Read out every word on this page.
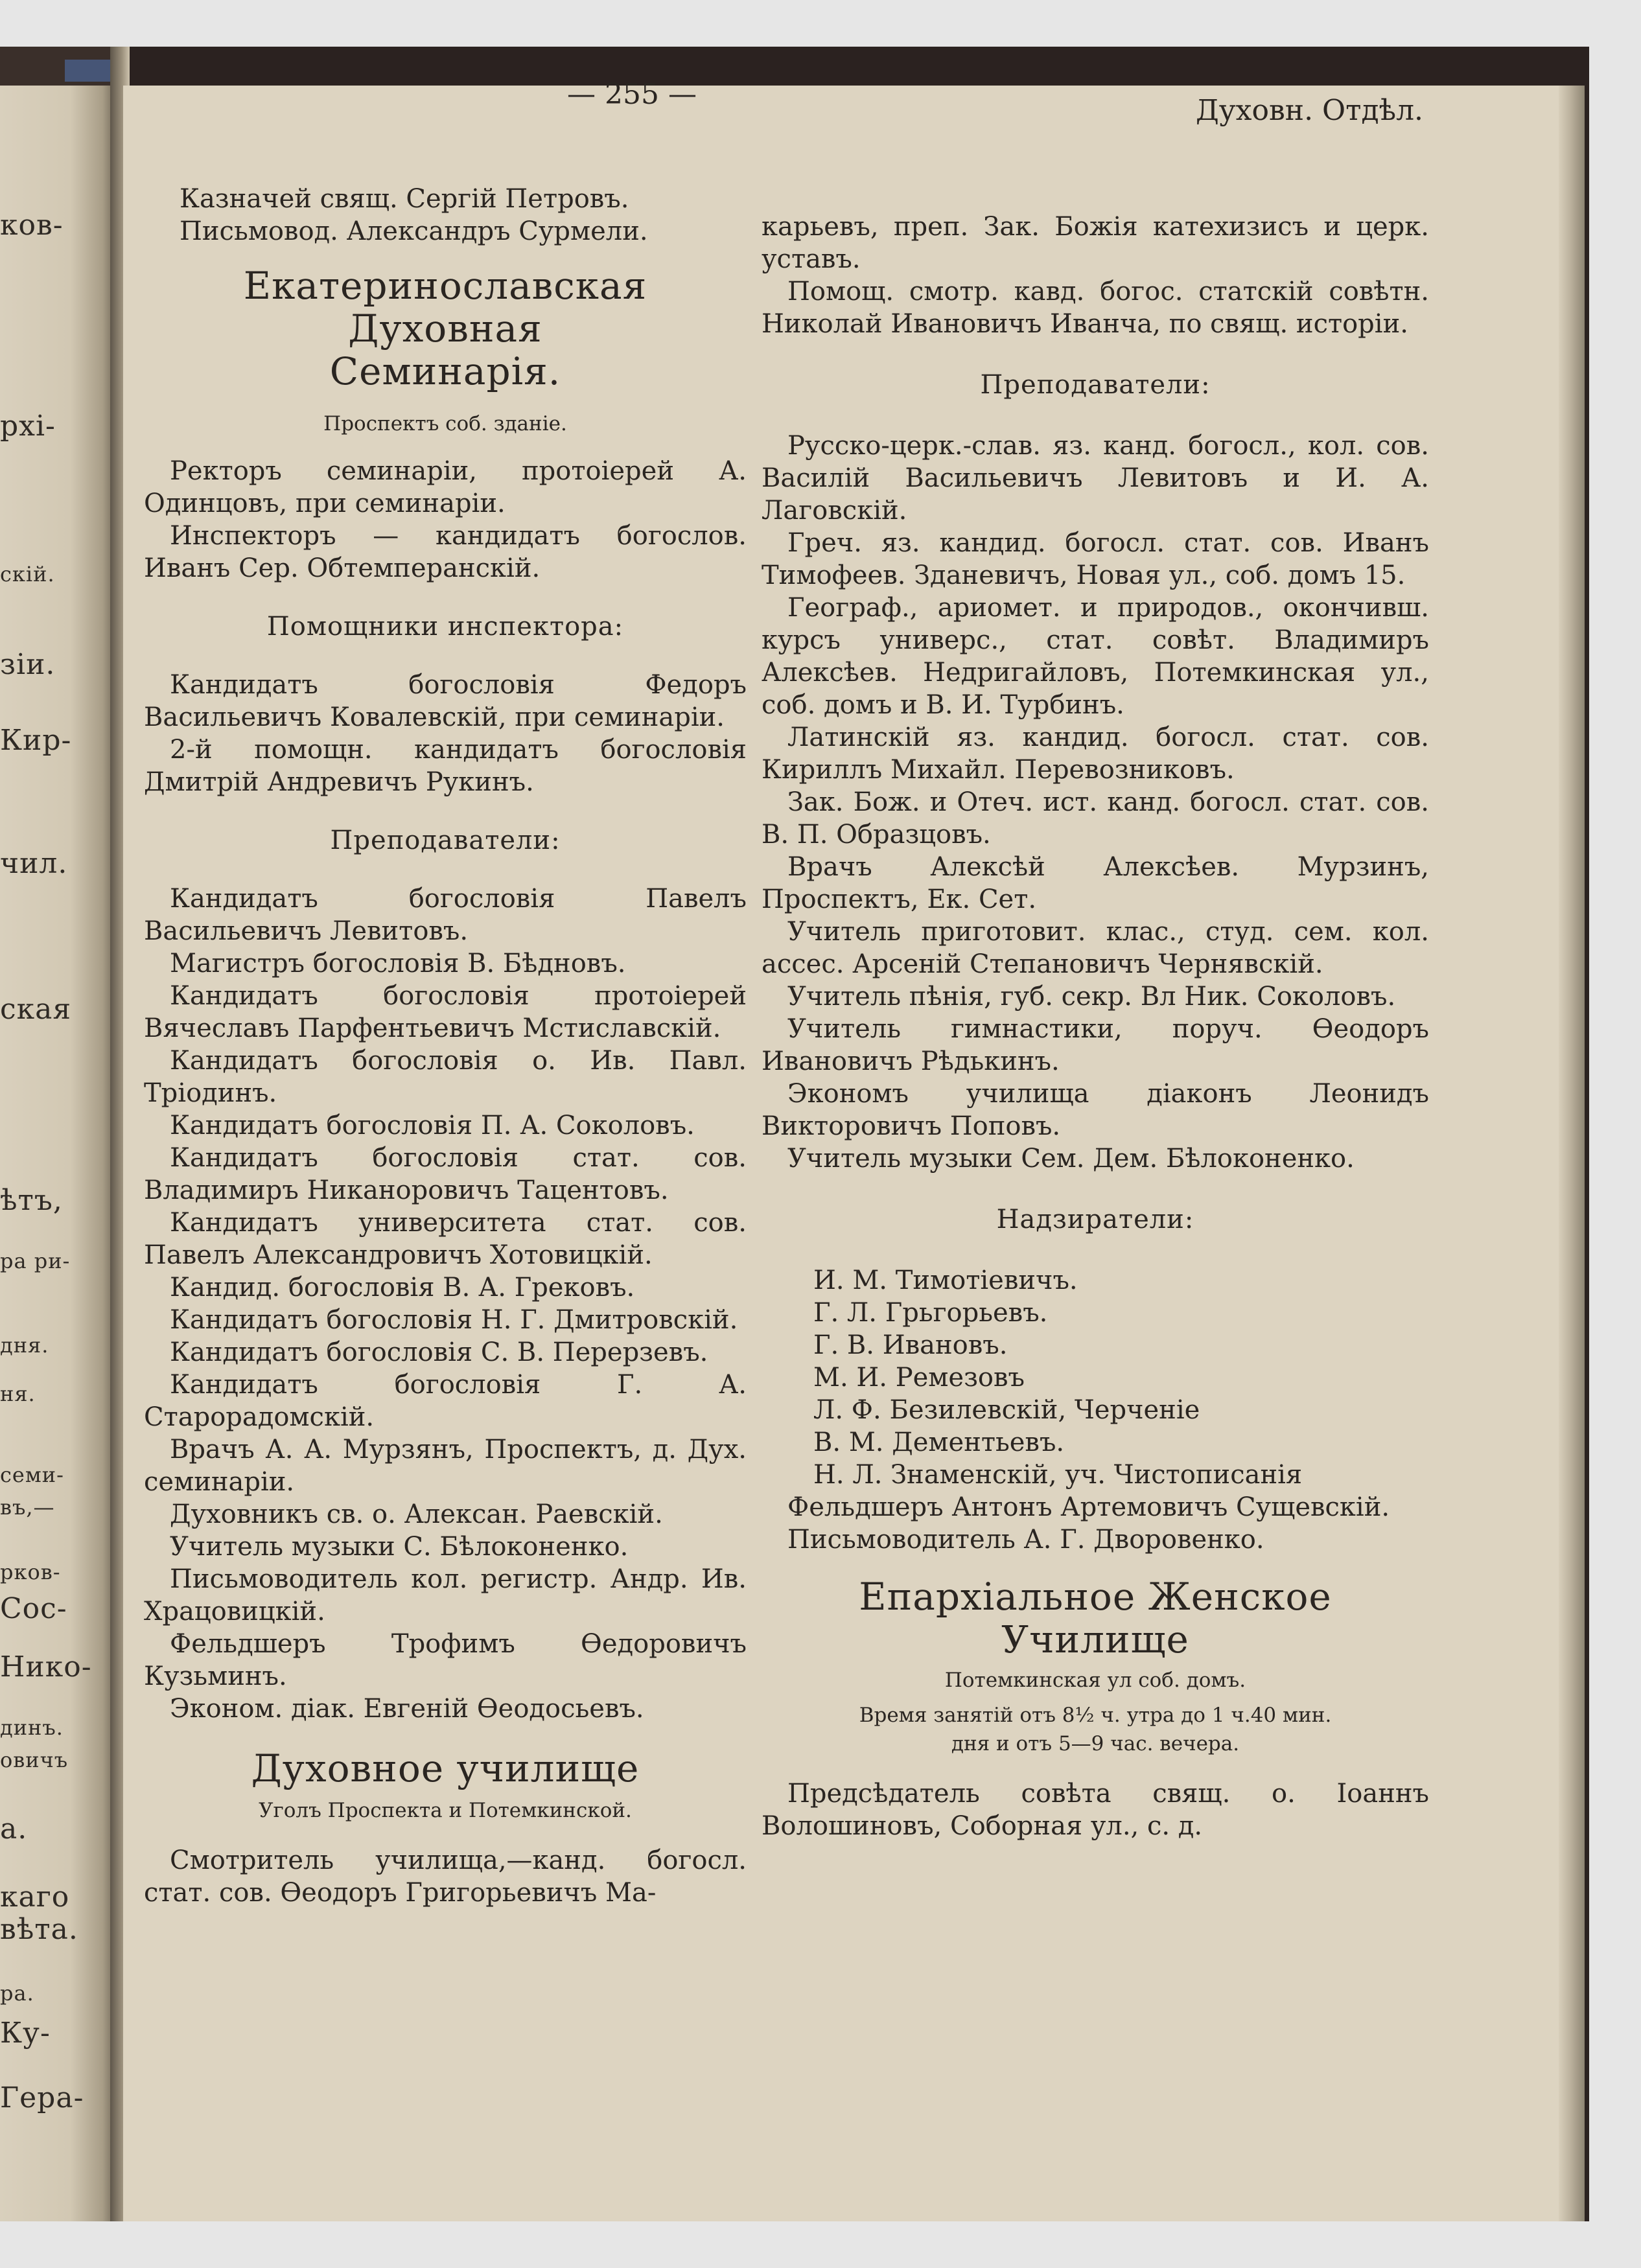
ков-
рхі-
скій.
зіи.
Кир-
чил.
ская
ѣтъ,
ра ри-
дня.
ня.
семи-
въ,—
рков-
Сос-
Нико-
динъ.
овичъ
а.
каго
вѣта.
ра.
Ку-
Гера-
— 255 —	Духовн. Отдѣл.

Казначей свящ. Сергій Петровъ.

Письмовод. Александръ Сурмели.

Екатеринославская Духовная
Семинарія.

Проспектъ соб. зданіе.

Ректоръ семинаріи, протоіерей А. Одинцовъ, при семинаріи.

Инспекторъ — кандидатъ богослов. Иванъ Сер. Обтемперанскій.

Помощники инспектора:

Кандидатъ богословія Федоръ Васильевичъ Ковалевскій, при семинаріи.

2-й помощн. кандидатъ богословія Дмитрій Андревичъ Рукинъ.

Преподаватели:

Кандидатъ богословія Павелъ Васильевичъ Левитовъ.

Магистръ богословія В. Бѣдновъ.

Кандидатъ богословія протоіерей Вячеславъ Парфентьевичъ Мстиславскій.

Кандидатъ богословія о. Ив. Павл. Тріодинъ.

Кандидатъ богословія П. А. Соколовъ.

Кандидатъ богословія стат. сов. Владимиръ Никаноровичъ Тацентовъ.

Кандидатъ университета стат. сов. Павелъ Александровичъ Хотовицкій.

Кандид. богословія В. А. Грековъ.

Кандидатъ богословія Н. Г. Дмитровскій.

Кандидатъ богословія С. В. Перерзевъ.

Кандидатъ богословія Г. А. Старорадомскій.

Врачъ А. А. Мурзянъ, Проспектъ, д. Дух. семинаріи.

Духовникъ св. о. Алексан. Раевскій.

Учитель музыки С. Бѣлоконенко.

Письмоводитель кол. регистр. Андр. Ив. Храцовицкій.

Фельдшеръ Трофимъ Өедоровичъ Кузьминъ.

Эконом. діак. Евгеній Өеодосьевъ.

Духовное училище

Уголъ Проспекта и Потемкинской.

Смотритель училища,—канд. богосл. стат. сов. Өеодоръ Григорьевичъ Ма-

карьевъ, преп. Зак. Божія катехизисъ и церк. уставъ.

Помощ. смотр. кавд. богос. статскій совѣтн. Николай Ивановичъ Иванча, по свящ. исторіи.

Преподаватели:

Русско-церк.-слав. яз. канд. богосл., кол. сов. Василій Васильевичъ Левитовъ и И. А. Лаговскій.

Греч. яз. кандид. богосл. стат. сов. Иванъ Тимофеев. Зданевичъ, Новая ул., соб. домъ 15.

Географ., ариомет. и природов., окончивш. курсъ универс., стат. совѣт. Владимиръ Алексѣев. Недригайловъ, Потемкинская ул., соб. домъ и В. И. Турбинъ.

Латинскій яз. кандид. богосл. стат. сов. Кириллъ Михайл. Перевозниковъ.

Зак. Бож. и Отеч. ист. канд. богосл. стат. сов. В. П. Образцовъ.

Врачъ Алексѣй Алексѣев. Мурзинъ, Проспектъ, Ек. Сет.

Учитель приготовит. клас., студ. сем. кол. ассес. Арсеній Степановичъ Чернявскій.

Учитель пѣнія, губ. секр. Вл Ник. Соколовъ.

Учитель гимнастики, поруч. Өеодоръ Ивановичъ Рѣдькинъ.

Экономъ училища діаконъ Леонидъ Викторовичъ Поповъ.

Учитель музыки Сем. Дем. Бѣлоконенко.

Надзиратели:

И. М. Тимотіевичъ.

Г. Л. Грьгорьевъ.

Г. В. Ивановъ.

М. И. Ремезовъ

Л. Ф. Безилевскій, Черченіе

В. М. Дементьевъ.

Н. Л. Знаменскій, уч. Чистописанія

Фельдшеръ Антонъ Артемовичъ Сущевскій.

Письмоводитель А. Г. Дворовенко.

Епархіальное Женское Училище

Потемкинская ул соб. домъ.

Время занятій отъ 8½ ч. утра до 1 ч.40 мин.

дня и отъ 5—9 час. вечера.

Предсѣдатель совѣта свящ. о. Іоаннъ Волошиновъ, Соборная ул., с. д.
